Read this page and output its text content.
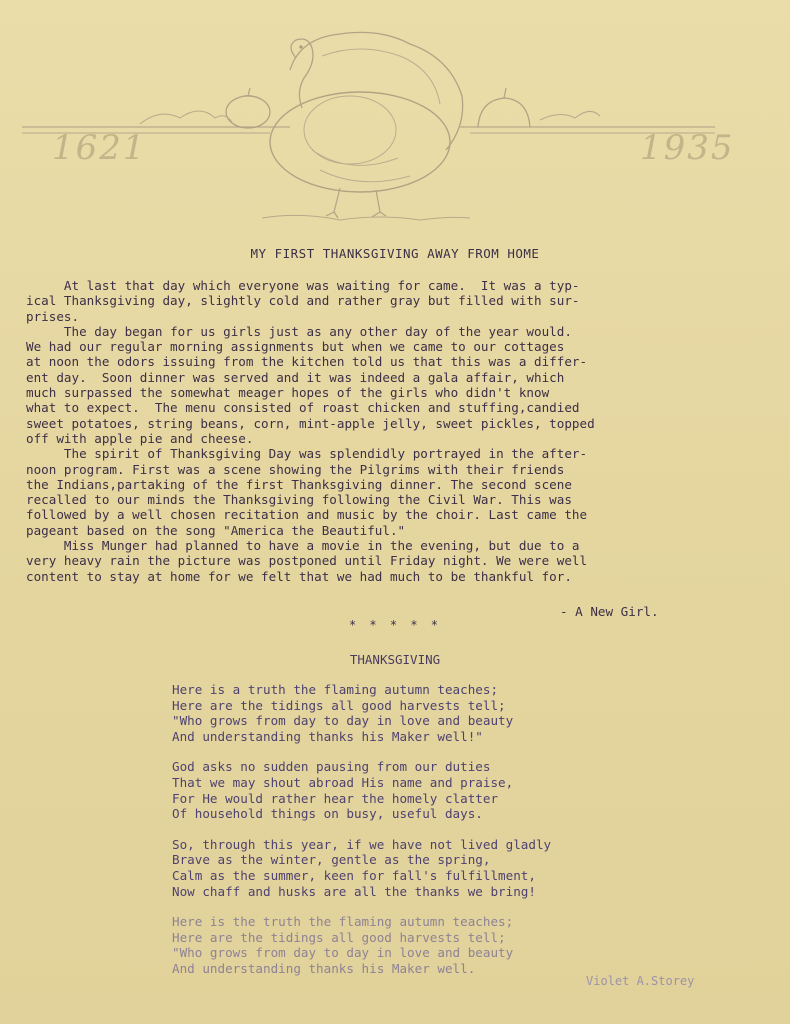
1621	1935
MY FIRST THANKSGIVING AWAY FROM HOME

At last that day which everyone was waiting for came.  It was a typ-
ical Thanksgiving day, slightly cold and rather gray but filled with sur-
prises.

The day began for us girls just as any other day of the year would.
We had our regular morning assignments but when we came to our cottages
at noon the odors issuing from the kitchen told us that this was a differ-
ent day.  Soon dinner was served and it was indeed a gala affair, which
much surpassed the somewhat meager hopes of the girls who didn't know
what to expect.  The menu consisted of roast chicken and stuffing,candied
sweet potatoes, string beans, corn, mint-apple jelly, sweet pickles, topped
off with apple pie and cheese.

The spirit of Thanksgiving Day was splendidly portrayed in the after-
noon program. First was a scene showing the Pilgrims with their friends
the Indians,partaking of the first Thanksgiving dinner. The second scene
recalled to our minds the Thanksgiving following the Civil War. This was
followed by a well chosen recitation and music by the choir. Last came the
pageant based on the song "America the Beautiful."

Miss Munger had planned to have a movie in the evening, but due to a
very heavy rain the picture was postponed until Friday night. We were well
content to stay at home for we felt that we had much to be thankful for.

- A New Girl.
* * * * *
THANKSGIVING
Here is a truth the flaming autumn teaches;
Here are the tidings all good harvests tell;
"Who grows from day to day in love and beauty
And understanding thanks his Maker well!"
God asks no sudden pausing from our duties
That we may shout abroad His name and praise,
For He would rather hear the homely clatter
Of household things on busy, useful days.
So, through this year, if we have not lived gladly
Brave as the winter, gentle as the spring,
Calm as the summer, keen for fall's fulfillment,
Now chaff and husks are all the thanks we bring!
Here is the truth the flaming autumn teaches;
Here are the tidings all good harvests tell;
"Who grows from day to day in love and beauty
And understanding thanks his Maker well.
Violet A.Storey
